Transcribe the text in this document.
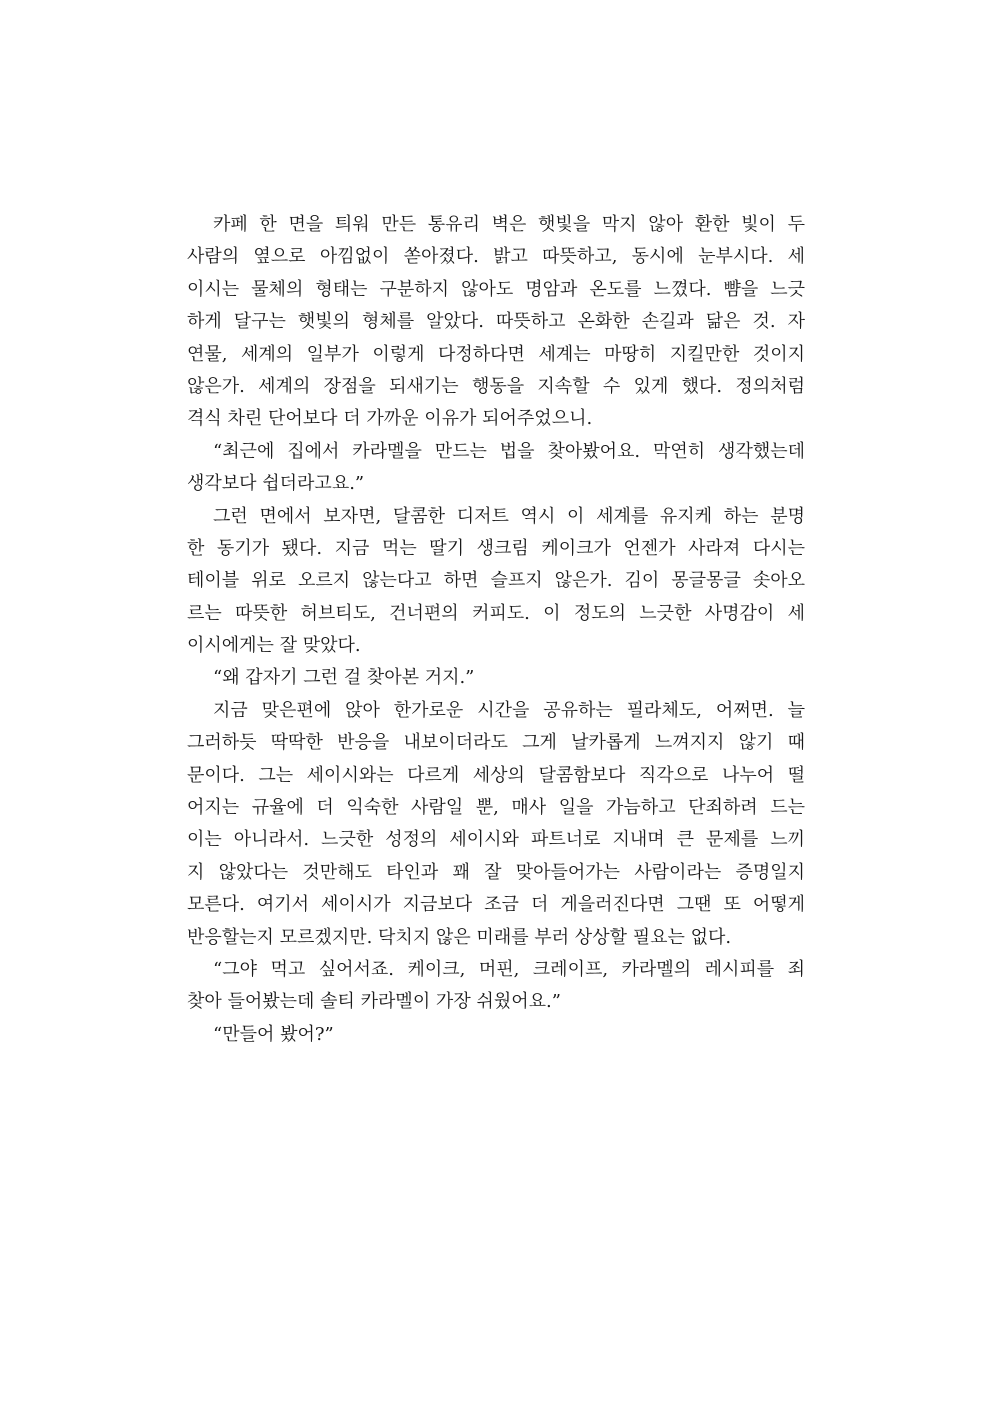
카페 한 면을 틔워 만든 통유리 벽은 햇빛을 막지 않아 환한 빛이 두
사람의 옆으로 아낌없이 쏟아졌다. 밝고 따뜻하고, 동시에 눈부시다. 세
이시는 물체의 형태는 구분하지 않아도 명암과 온도를 느꼈다. 뺨을 느긋
하게 달구는 햇빛의 형체를 알았다. 따뜻하고 온화한 손길과 닮은 것. 자
연물, 세계의 일부가 이렇게 다정하다면 세계는 마땅히 지킬만한 것이지
않은가. 세계의 장점을 되새기는 행동을 지속할 수 있게 했다. 정의처럼
격식 차린 단어보다 더 가까운 이유가 되어주었으니.
“최근에 집에서 카라멜을 만드는 법을 찾아봤어요. 막연히 생각했는데
생각보다 쉽더라고요.”
그런 면에서 보자면, 달콤한 디저트 역시 이 세계를 유지케 하는 분명
한 동기가 됐다. 지금 먹는 딸기 생크림 케이크가 언젠가 사라져 다시는
테이블 위로 오르지 않는다고 하면 슬프지 않은가. 김이 몽글몽글 솟아오
르는 따뜻한 허브티도, 건너편의 커피도. 이 정도의 느긋한 사명감이 세
이시에게는 잘 맞았다.
“왜 갑자기 그런 걸 찾아본 거지.”
지금 맞은편에 앉아 한가로운 시간을 공유하는 필라체도, 어쩌면. 늘
그러하듯 딱딱한 반응을 내보이더라도 그게 날카롭게 느껴지지 않기 때
문이다. 그는 세이시와는 다르게 세상의 달콤함보다 직각으로 나누어 떨
어지는 규율에 더 익숙한 사람일 뿐, 매사 일을 가늠하고 단죄하려 드는
이는 아니라서. 느긋한 성정의 세이시와 파트너로 지내며 큰 문제를 느끼
지 않았다는 것만해도 타인과 꽤 잘 맞아들어가는 사람이라는 증명일지
모른다. 여기서 세이시가 지금보다 조금 더 게을러진다면 그땐 또 어떻게
반응할는지 모르겠지만. 닥치지 않은 미래를 부러 상상할 필요는 없다.
“그야 먹고 싶어서죠. 케이크, 머핀, 크레이프, 카라멜의 레시피를 죄
찾아 들어봤는데 솔티 카라멜이 가장 쉬웠어요.”
“만들어 봤어?”
